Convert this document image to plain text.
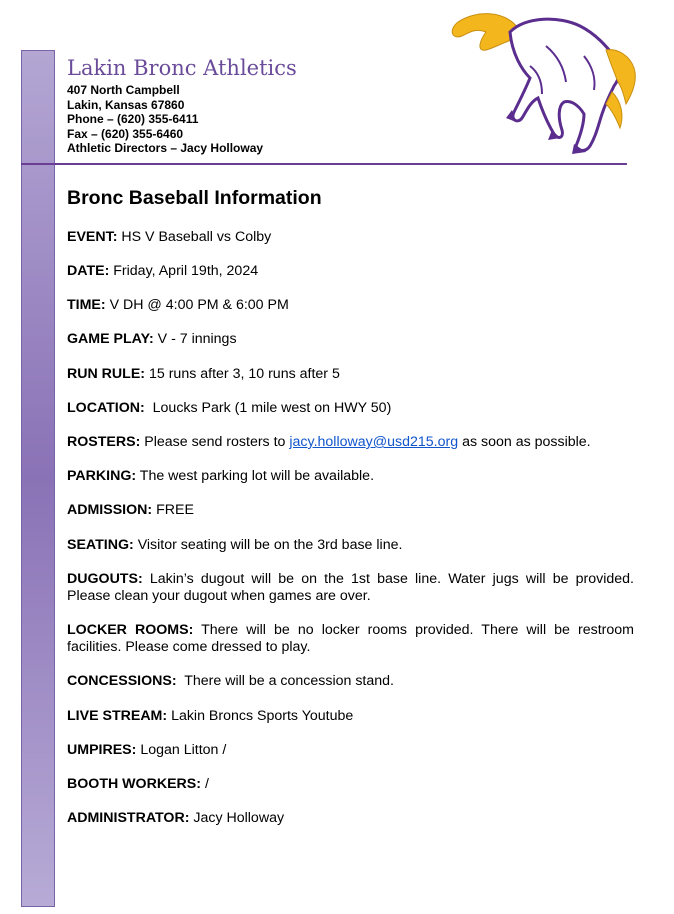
Lakin Bronc Athletics
407 North Campbell
Lakin, Kansas 67860
Phone – (620) 355-6411
Fax – (620) 355-6460
Athletic Directors – Jacy Holloway
Bronc Baseball Information

EVENT: HS V Baseball vs Colby

DATE: Friday, April 19th, 2024

TIME: V DH @ 4:00 PM & 6:00 PM

GAME PLAY: V - 7 innings

RUN RULE: 15 runs after 3, 10 runs after 5

LOCATION: Loucks Park (1 mile west on HWY 50)

ROSTERS: Please send rosters to jacy.holloway@usd215.org as soon as possible.

PARKING: The west parking lot will be available.

ADMISSION: FREE

SEATING: Visitor seating will be on the 3rd base line.

DUGOUTS: Lakin’s dugout will be on the 1st base line. Water jugs will be provided. Please clean your dugout when games are over.

LOCKER ROOMS: There will be no locker rooms provided. There will be restroom facilities. Please come dressed to play.

CONCESSIONS: There will be a concession stand.

LIVE STREAM: Lakin Broncs Sports Youtube

UMPIRES: Logan Litton /

BOOTH WORKERS: /

ADMINISTRATOR: Jacy Holloway
